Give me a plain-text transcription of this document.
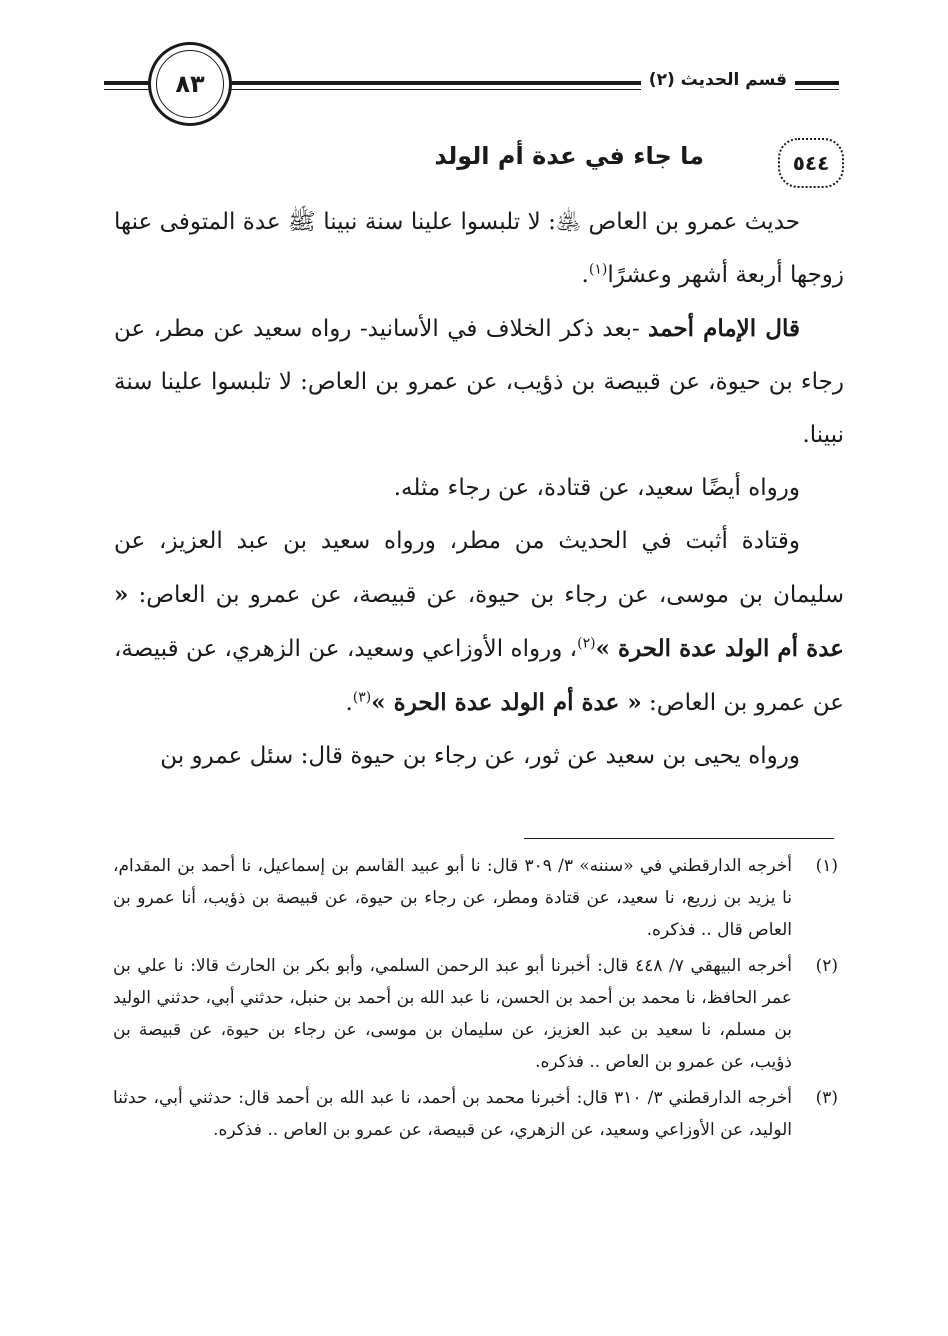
٨٣	قسم الحديث (٢)
٥٤٤
ما جاء في عدة أم الولد

حديث عمرو بن العاص ﵁: لا تلبسوا علينا سنة نبينا ﷺ عدة المتوفى عنها زوجها أربعة أشهر وعشرًا$^{(١)}$.

قال الإمام أحمد -بعد ذكر الخلاف في الأسانيد- رواه سعيد عن مطر، عن رجاء بن حيوة، عن قبيصة بن ذؤيب، عن عمرو بن العاص: لا تلبسوا علينا سنة نبينا.

ورواه أيضًا سعيد، عن قتادة، عن رجاء مثله.

وقتادة أثبت في الحديث من مطر، ورواه سعيد بن عبد العزيز، عن سليمان بن موسى، عن رجاء بن حيوة، عن قبيصة، عن عمرو بن العاص: « عدة أم الولد عدة الحرة »$^{(٢)}$، ورواه الأوزاعي وسعيد، عن الزهري، عن قبيصة، عن عمرو بن العاص: « عدة أم الولد عدة الحرة »$^{(٣)}$.

ورواه يحيى بن سعيد عن ثور، عن رجاء بن حيوة قال: سئل عمرو بن

(١)
أخرجه الدارقطني في «سننه» ٣/ ٣٠٩ قال: نا أبو عبيد القاسم بن إسماعيل، نا أحمد بن المقدام، نا يزيد بن زريع، نا سعيد، عن قتادة ومطر، عن رجاء بن حيوة، عن قبيصة بن ذؤيب، أنا عمرو بن العاص قال .. فذكره.
(٢)
أخرجه البيهقي ٧/ ٤٤٨ قال: أخبرنا أبو عبد الرحمن السلمي، وأبو بكر بن الحارث قالا: نا علي بن عمر الحافظ، نا محمد بن أحمد بن الحسن، نا عبد الله بن أحمد بن حنبل، حدثني أبي، حدثني الوليد بن مسلم، نا سعيد بن عبد العزيز، عن سليمان بن موسى، عن رجاء بن حيوة، عن قبيصة بن ذؤيب، عن عمرو بن العاص .. فذكره.
(٣)
أخرجه الدارقطني ٣/ ٣١٠ قال: أخبرنا محمد بن أحمد، نا عبد الله بن أحمد قال: حدثني أبي، حدثنا الوليد، عن الأوزاعي وسعيد، عن الزهري، عن قبيصة، عن عمرو بن العاص .. فذكره.
